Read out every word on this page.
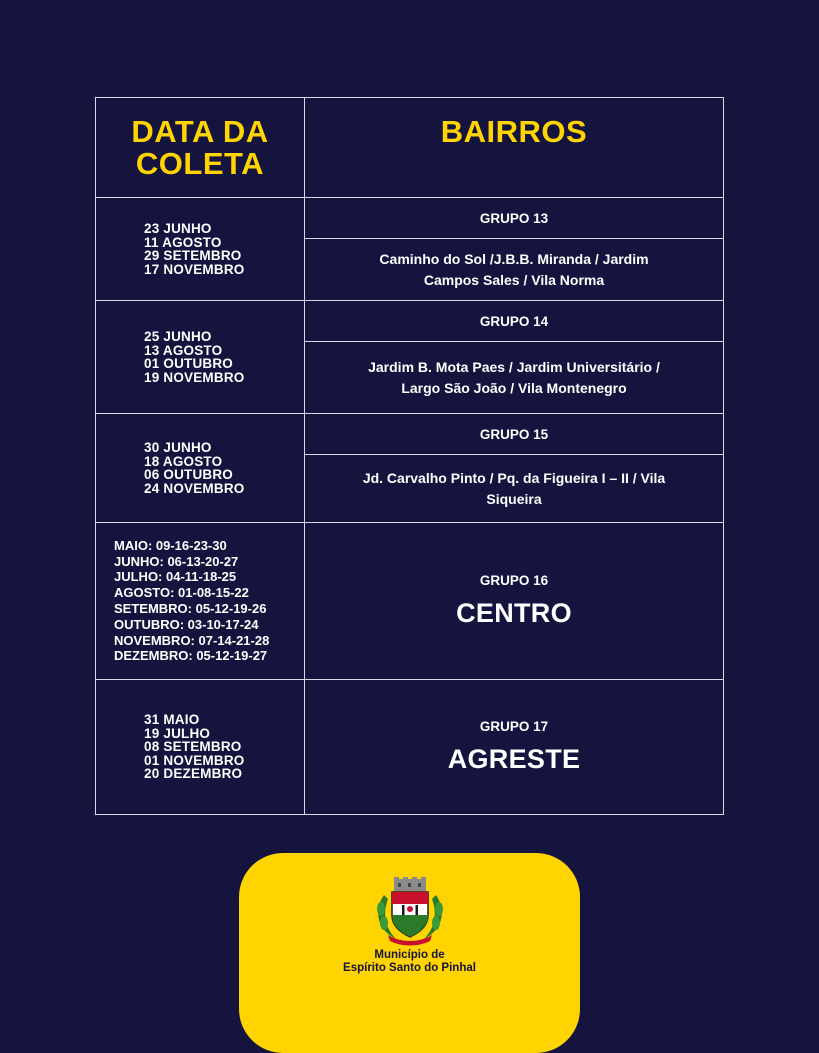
DATA DA
COLETA
BAIRROS
23 JUNHO
11 AGOSTO
29 SETEMBRO
17 NOVEMBRO
GRUPO 13
Caminho do Sol /J.B.B. Miranda / Jardim
Campos Sales / Vila Norma
25 JUNHO
13 AGOSTO
01 OUTUBRO
19 NOVEMBRO
GRUPO 14
Jardim B. Mota Paes / Jardim Universitário /
Largo São João / Vila Montenegro
30 JUNHO
18 AGOSTO
06 OUTUBRO
24 NOVEMBRO
GRUPO 15
Jd. Carvalho Pinto / Pq. da Figueira I – II / Vila
Siqueira
MAIO: 09-16-23-30
JUNHO: 06-13-20-27
JULHO: 04-11-18-25
AGOSTO: 01-08-15-22
SETEMBRO: 05-12-19-26
OUTUBRO: 03-10-17-24
NOVEMBRO: 07-14-21-28
DEZEMBRO: 05-12-19-27
GRUPO 16
CENTRO
31 MAIO
19 JULHO
08 SETEMBRO
01 NOVEMBRO
20 DEZEMBRO
GRUPO 17
AGRESTE
Município de
Espírito Santo do Pinhal
